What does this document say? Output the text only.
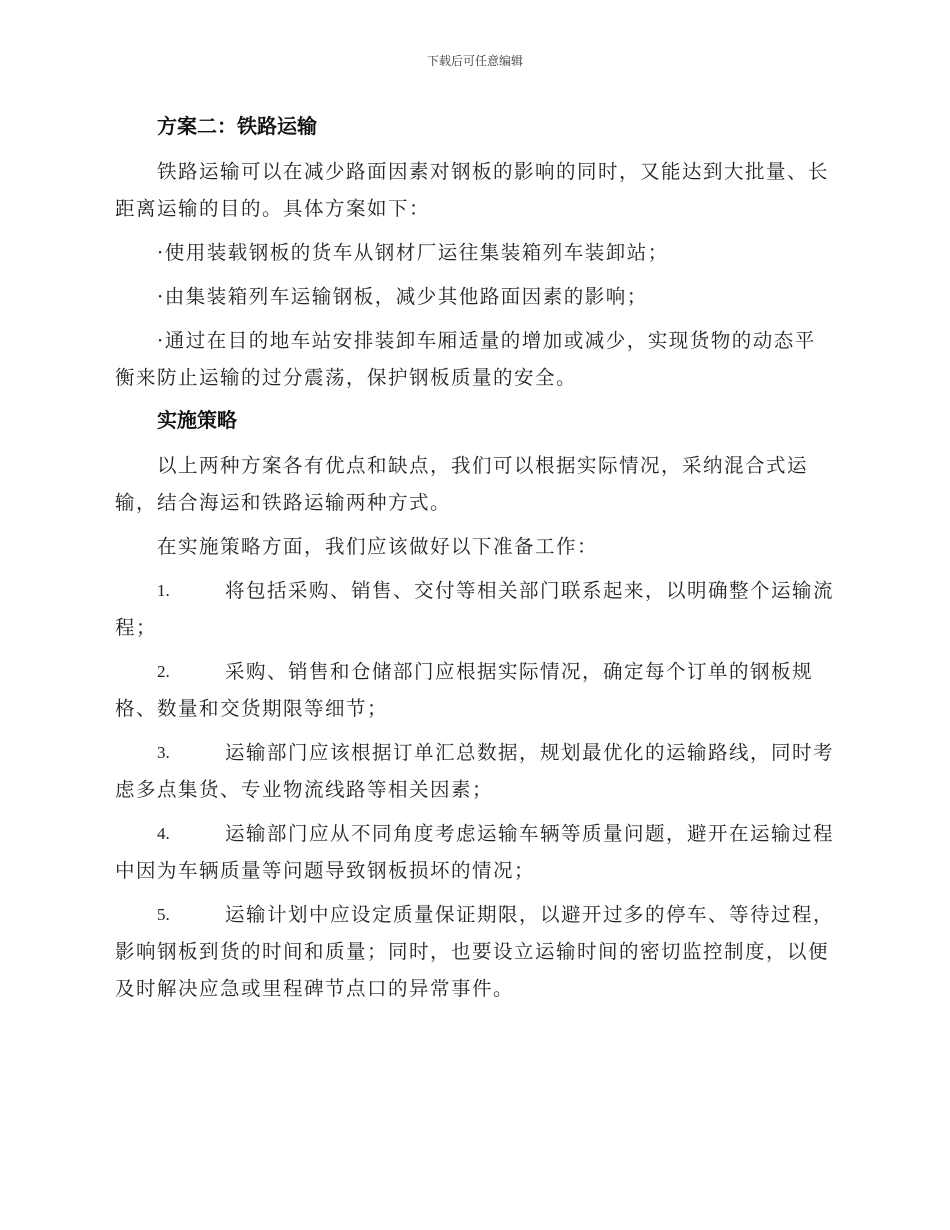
下载后可任意编辑
方案二：铁路运输

铁路运输可以在减少路面因素对钢板的影响的同时，又能达到大批量、长距离运输的目的。具体方案如下：

·使用装载钢板的货车从钢材厂运往集装箱列车装卸站；

·由集装箱列车运输钢板，减少其他路面因素的影响；

·通过在目的地车站安排装卸车厢适量的增加或减少，实现货物的动态平衡来防止运输的过分震荡，保护钢板质量的安全。

实施策略

以上两种方案各有优点和缺点，我们可以根据实际情况，采纳混合式运输，结合海运和铁路运输两种方式。

在实施策略方面，我们应该做好以下准备工作：

1.	将包括采购、销售、交付等相关部门联系起来，以明确整个运输流程；
2.	采购、销售和仓储部门应根据实际情况，确定每个订单的钢板规格、数量和交货期限等细节；
3.	运输部门应该根据订单汇总数据，规划最优化的运输路线，同时考虑多点集货、专业物流线路等相关因素；
4.	运输部门应从不同角度考虑运输车辆等质量问题，避开在运输过程中因为车辆质量等问题导致钢板损坏的情况；
5.	运输计划中应设定质量保证期限，以避开过多的停车、等待过程，影响钢板到货的时间和质量；同时，也要设立运输时间的密切监控制度，以便及时解决应急或里程碑节点口的异常事件。
